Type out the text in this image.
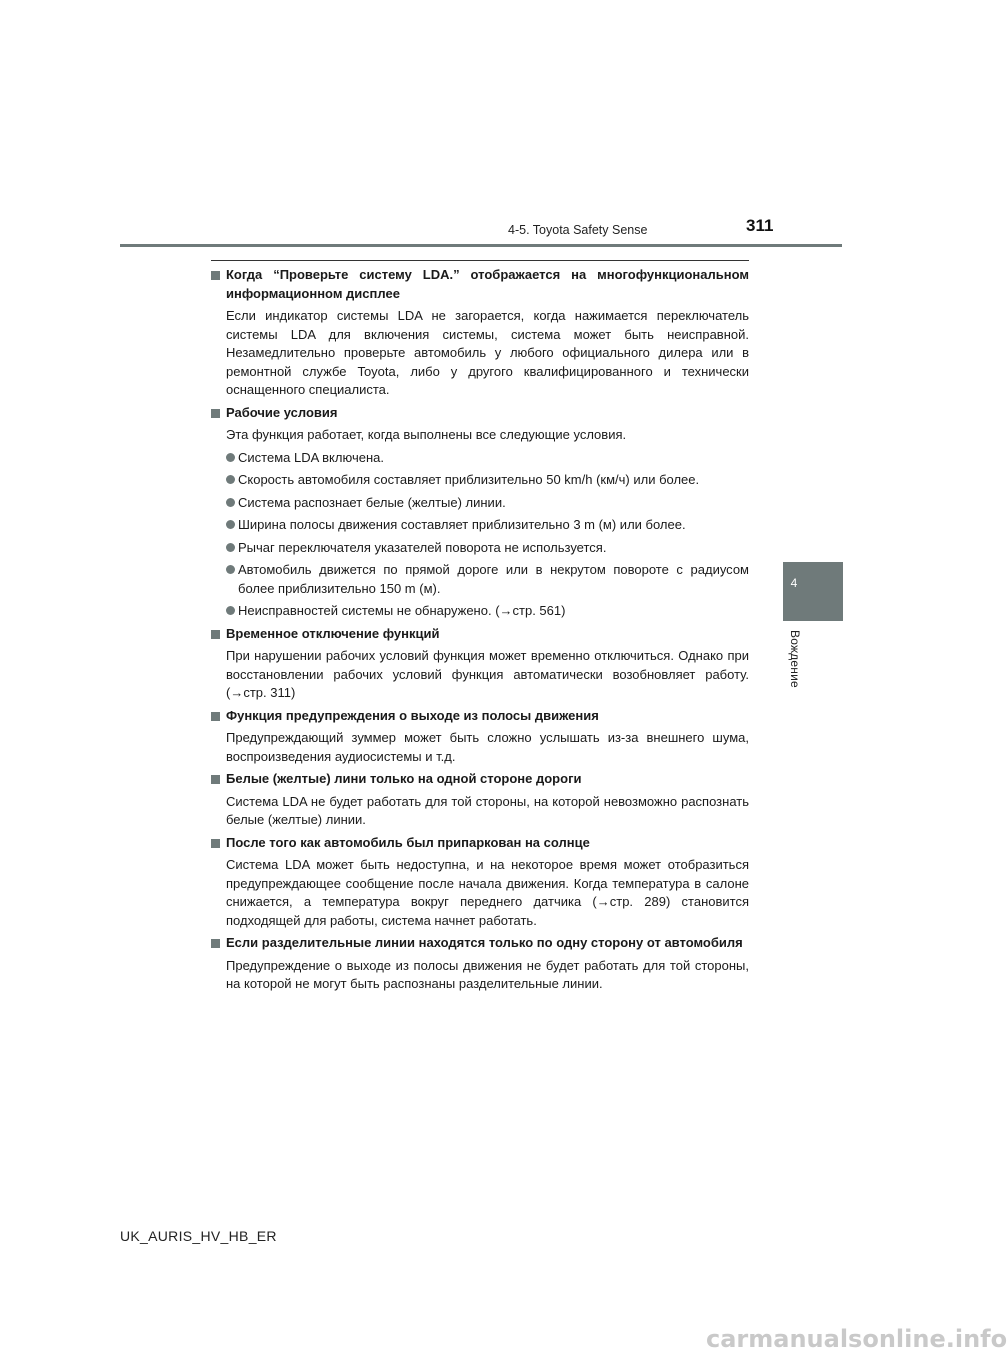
4-5. Toyota Safety Sense	311
4
Вождение
Когда “Проверьте систему LDA.” отображается на многофункциональном информационном дисплее
Если индикатор системы LDA не загорается, когда нажимается переключатель системы LDA для включения системы, система может быть неисправной. Незамедлительно проверьте автомобиль у любого официального дилера или в ремонтной службе Toyota, либо у другого квалифицированного и технически оснащенного специалиста.
Рабочие условия
Эта функция работает, когда выполнены все следующие условия.
Система LDA включена.
Скорость автомобиля составляет приблизительно 50 km/h (км/ч) или более.
Система распознает белые (желтые) линии.
Ширина полосы движения составляет приблизительно 3 m (м) или более.
Рычаг переключателя указателей поворота не используется.
Автомобиль движется по прямой дороге или в некрутом повороте с радиусом более приблизительно 150 m (м).
Неисправностей системы не обнаружено. (→стр. 561)
Временное отключение функций
При нарушении рабочих условий функция может временно отключиться. Однако при восстановлении рабочих условий функция автоматически возобновляет работу. (→стр. 311)
Функция предупреждения о выходе из полосы движения
Предупреждающий зуммер может быть сложно услышать из-за внешнего шума, воспроизведения аудиосистемы и т.д.
Белые (желтые) лини только на одной стороне дороги
Система LDA не будет работать для той стороны, на которой невозможно распознать белые (желтые) линии.
После того как автомобиль был припаркован на солнце
Система LDA может быть недоступна, и на некоторое время может отобразиться предупреждающее сообщение после начала движения. Когда температура в салоне снижается, а температура вокруг переднего датчика (→стр. 289) становится подходящей для работы, система начнет работать.
Если разделительные линии находятся только по одну сторону от автомобиля
Предупреждение о выходе из полосы движения не будет работать для той стороны, на которой не могут быть распознаны разделительные линии.
UK_AURIS_HV_HB_ER
carmanualsonline.info
